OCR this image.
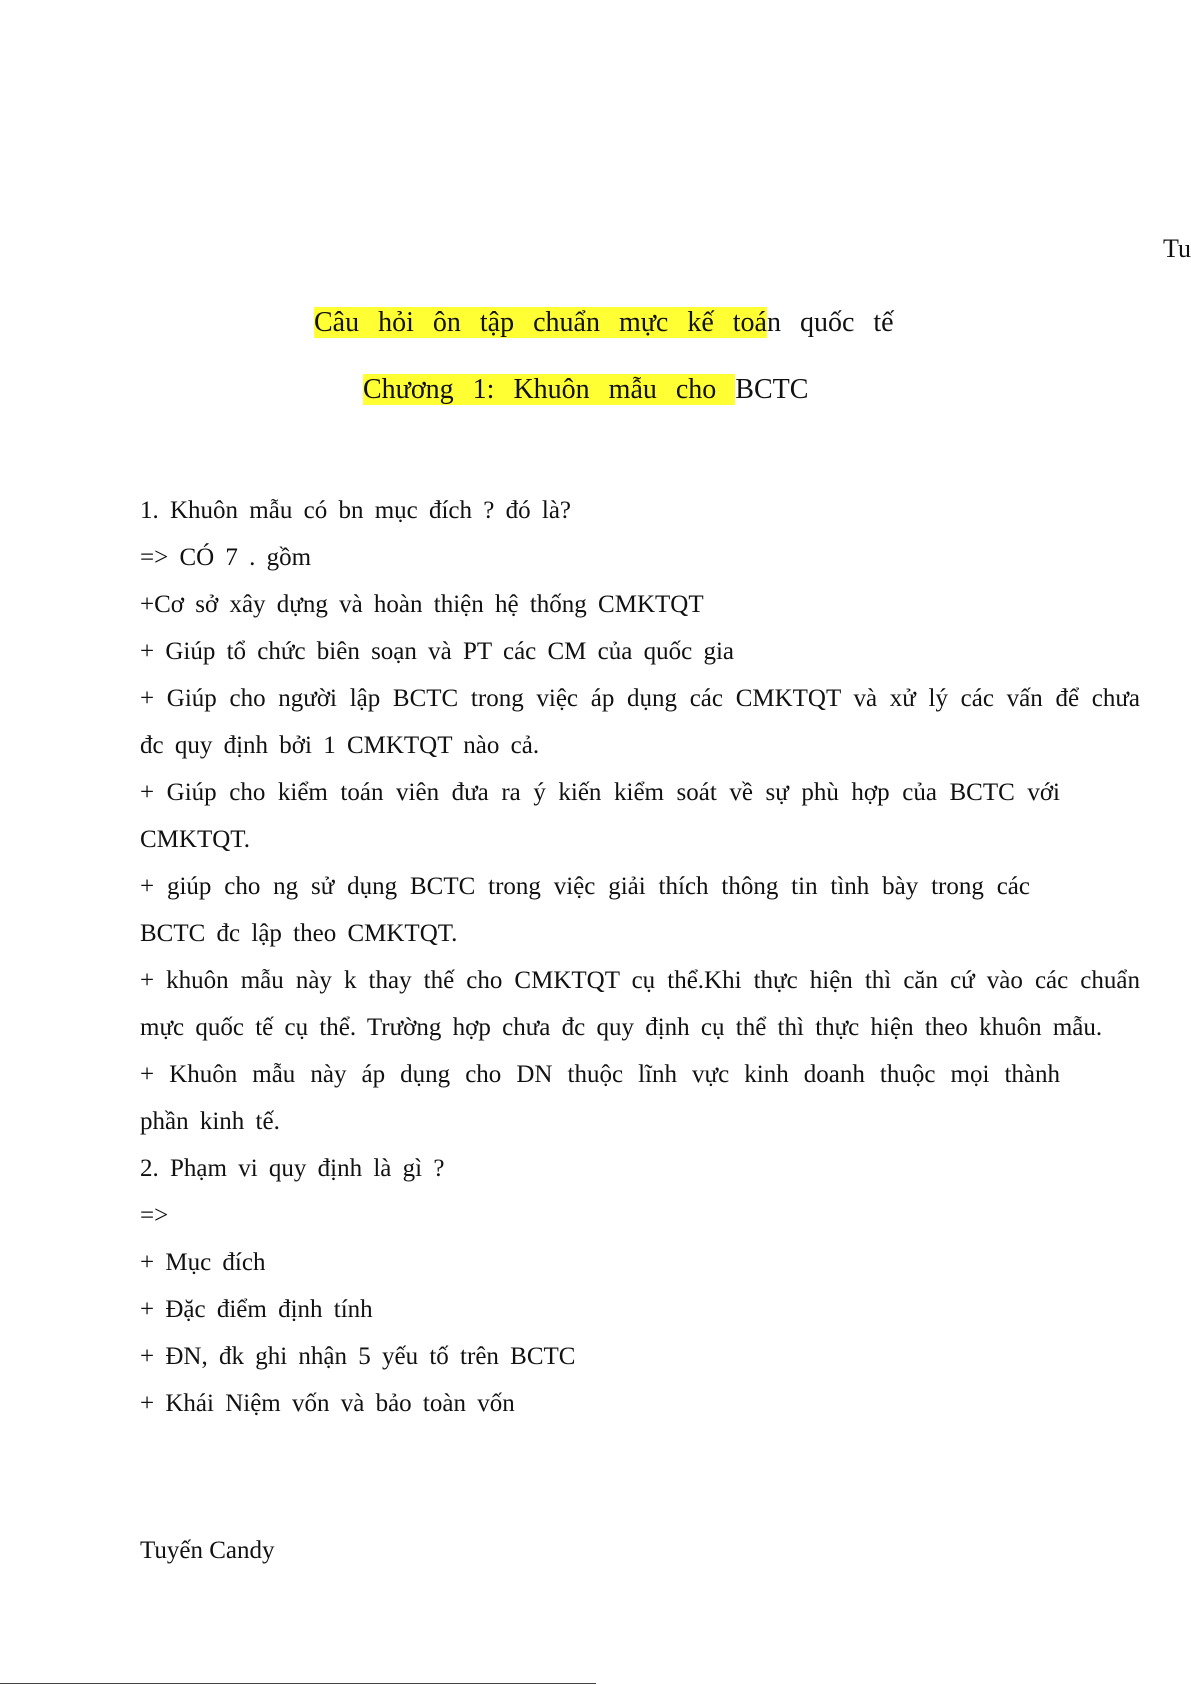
Tu
Câu hỏi ôn tập chuẩn mực kế toán quốc tế
Chương 1: Khuôn mẫu cho BCTC

1. Khuôn mẫu có bn mục đích ? đó là?

=> CÓ 7 . gồm

+Cơ sở xây dựng và hoàn thiện hệ thống CMKTQT

+ Giúp tổ chức biên soạn và PT các CM của quốc gia

+ Giúp cho người lập BCTC trong việc áp dụng các CMKTQT và xử lý các vấn để chưa đc quy định bởi 1 CMKTQT nào cả.

+ Giúp cho kiểm toán viên đưa ra ý kiến kiểm soát về sự phù hợp của BCTC với CMKTQT.

+ giúp cho ng sử dụng BCTC trong việc giải thích thông tin tình bày trong các BCTC đc lập theo CMKTQT.

+ khuôn mẫu này k thay thế cho CMKTQT cụ thể.Khi thực hiện thì căn cứ vào các chuẩn mực quốc tế cụ thể. Trường hợp chưa đc quy định cụ thể thì thực hiện theo khuôn mẫu.

+ Khuôn mẫu này áp dụng cho DN thuộc lĩnh vực kinh doanh thuộc mọi thành phần kinh tế.

2. Phạm vi quy định là gì ?

=>

+ Mục đích

+ Đặc điểm định tính

+ ĐN, đk ghi nhận 5 yếu tố trên BCTC

+ Khái Niệm vốn và bảo toàn vốn

Tuyến Candy
